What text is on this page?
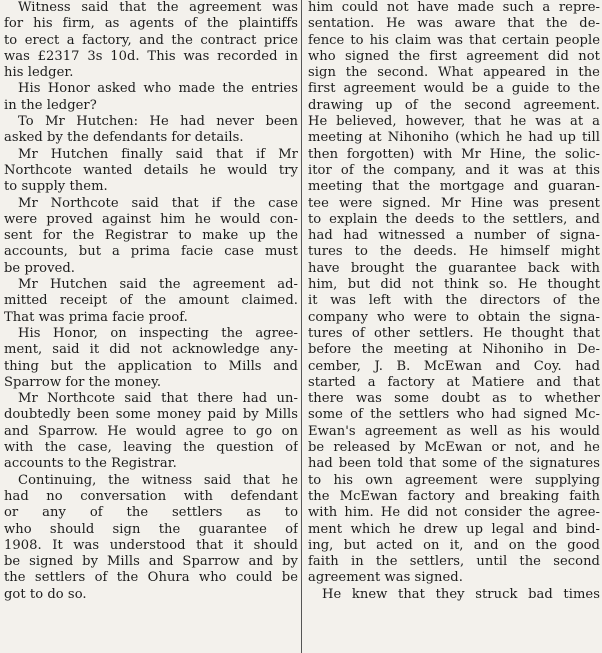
Witness said that the agreement was
for his firm, as agents of the plaintiffs
to erect a factory, and the contract price
was £2317 3s 10d. This was recorded in
his ledger.
His Honor asked who made the entries
in the ledger?
To Mr Hutchen: He had never been
asked by the defendants for details.
Mr Hutchen finally said that if Mr
Northcote wanted details he would try
to supply them.
Mr Northcote said that if the case
were proved against him he would con-
sent for the Registrar to make up the
accounts, but a prima facie case must
be proved.
Mr Hutchen said the agreement ad-
mitted receipt of the amount claimed.
That was prima facie proof.
His Honor, on inspecting the agree-
ment, said it did not acknowledge any-
thing but the application to Mills and
Sparrow for the money.
Mr Northcote said that there had un-
doubtedly been some money paid by Mills
and Sparrow. He would agree to go on
with the case, leaving the question of
accounts to the Registrar.
Continuing, the witness said that he
had no conversation with defendant
or any of the settlers as to
who should sign the guarantee of
1908. It was understood that it should
be signed by Mills and Sparrow and by
the settlers of the Ohura who could be
got to do so.
him could not have made such a repre-
sentation. He was aware that the de-
fence to his claim was that certain people
who signed the first agreement did not
sign the second. What appeared in the
first agreement would be a guide to the
drawing up of the second agreement.
He believed, however, that he was at a
meeting at Nihoniho (which he had up till
then forgotten) with Mr Hine, the solic-
itor of the company, and it was at this
meeting that the mortgage and guaran-
tee were signed. Mr Hine was present
to explain the deeds to the settlers, and
had had witnessed a number of signa-
tures to the deeds. He himself might
have brought the guarantee back with
him, but did not think so. He thought
it was left with the directors of the
company who were to obtain the signa-
tures of other settlers. He thought that
before the meeting at Nihoniho in De-
cember, J. B. McEwan and Coy. had
started a factory at Matiere and that
there was some doubt as to whether
some of the settlers who had signed Mc-
Ewan's agreement as well as his would
be released by McEwan or not, and he
had been told that some of the signatures
to his own agreement were supplying
the McEwan factory and breaking faith
with him. He did not consider the agree-
ment which he drew up legal and bind-
ing, but acted on it, and on the good
faith in the settlers, until the second
agreement was signed.
He knew that they struck bad times
